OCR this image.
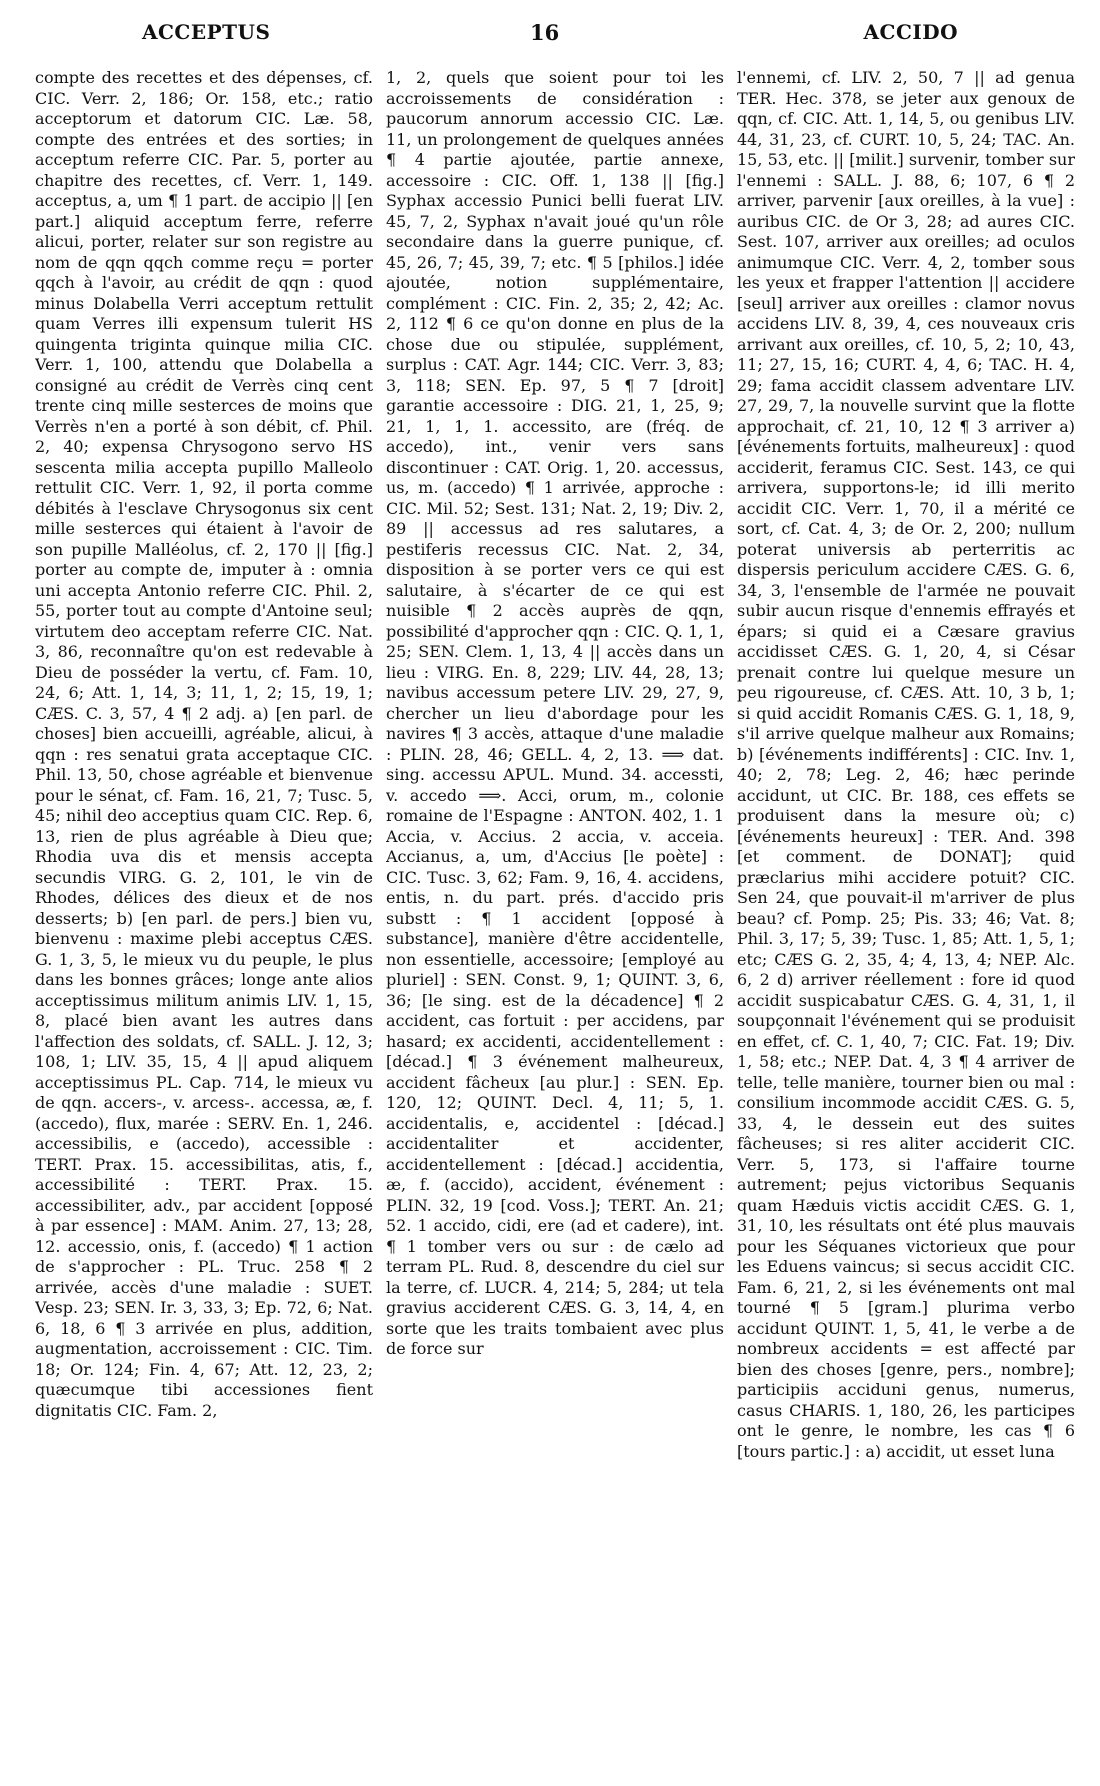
ACCEPTUS	16	ACCIDO

compte des recettes et des dépenses, cf. CIC. Verr. 2, 186; Or. 158, etc.; ratio acceptorum et datorum CIC. Læ. 58, compte des entrées et des sorties; in acceptum referre CIC. Par. 5, porter au chapitre des recettes, cf. Verr. 1, 149. acceptus, a, um ¶ 1 part. de accipio || [en part.] aliquid acceptum ferre, referre alicui, porter, relater sur son registre au nom de qqn qqch comme reçu = porter qqch à l'avoir, au crédit de qqn : quod minus Dolabella Verri acceptum rettulit quam Verres illi expensum tulerit HS quingenta triginta quinque milia CIC. Verr. 1, 100, attendu que Dolabella a consigné au crédit de Verrès cinq cent trente cinq mille sesterces de moins que Verrès n'en a porté à son débit, cf. Phil. 2, 40; expensa Chrysogono servo HS sescenta milia accepta pupillo Malleolo rettulit CIC. Verr. 1, 92, il porta comme débités à l'esclave Chrysogonus six cent mille sesterces qui étaient à l'avoir de son pupille Malléolus, cf. 2, 170 || [fig.] porter au compte de, imputer à : omnia uni accepta Antonio referre CIC. Phil. 2, 55, porter tout au compte d'Antoine seul; virtutem deo acceptam referre CIC. Nat. 3, 86, reconnaître qu'on est redevable à Dieu de posséder la vertu, cf. Fam. 10, 24, 6; Att. 1, 14, 3; 11, 1, 2; 15, 19, 1; CÆS. C. 3, 57, 4 ¶ 2 adj. a) [en parl. de choses] bien accueilli, agréable, alicui, à qqn : res senatui grata acceptaque CIC. Phil. 13, 50, chose agréable et bienvenue pour le sénat, cf. Fam. 16, 21, 7; Tusc. 5, 45; nihil deo acceptius quam CIC. Rep. 6, 13, rien de plus agréable à Dieu que; Rhodia uva dis et mensis accepta secundis VIRG. G. 2, 101, le vin de Rhodes, délices des dieux et de nos desserts; b) [en parl. de pers.] bien vu, bienvenu : maxime plebi acceptus CÆS. G. 1, 3, 5, le mieux vu du peuple, le plus dans les bonnes grâces; longe ante alios acceptissimus militum animis LIV. 1, 15, 8, placé bien avant les autres dans l'affection des soldats, cf. SALL. J. 12, 3; 108, 1; LIV. 35, 15, 4 || apud aliquem acceptissimus PL. Cap. 714, le mieux vu de qqn. accers-, v. arcess-. accessa, æ, f. (accedo), flux, marée : SERV. En. 1, 246. accessibilis, e (accedo), accessible : TERT. Prax. 15. accessibilitas, atis, f., accessibilité : TERT. Prax. 15. accessibiliter, adv., par accident [opposé à par essence] : MAM. Anim. 27, 13; 28, 12. accessio, onis, f. (accedo) ¶ 1 action de s'approcher : PL. Truc. 258 ¶ 2 arrivée, accès d'une maladie : SUET. Vesp. 23; SEN. Ir. 3, 33, 3; Ep. 72, 6; Nat. 6, 18, 6 ¶ 3 arrivée en plus, addition, augmentation, accroissement : CIC. Tim. 18; Or. 124; Fin. 4, 67; Att. 12, 23, 2; quæcumque tibi accessiones fient dignitatis CIC. Fam. 2,

1, 2, quels que soient pour toi les accroissements de considération : paucorum annorum accessio CIC. Læ. 11, un prolongement de quelques années ¶ 4 partie ajoutée, partie annexe, accessoire : CIC. Off. 1, 138 || [fig.] Syphax accessio Punici belli fuerat LIV. 45, 7, 2, Syphax n'avait joué qu'un rôle secondaire dans la guerre punique, cf. 45, 26, 7; 45, 39, 7; etc. ¶ 5 [philos.] idée ajoutée, notion supplémentaire, complément : CIC. Fin. 2, 35; 2, 42; Ac. 2, 112 ¶ 6 ce qu'on donne en plus de la chose due ou stipulée, supplément, surplus : CAT. Agr. 144; CIC. Verr. 3, 83; 3, 118; SEN. Ep. 97, 5 ¶ 7 [droit] garantie accessoire : DIG. 21, 1, 25, 9; 21, 1, 1, 1. accessito, are (fréq. de accedo), int., venir vers sans discontinuer : CAT. Orig. 1, 20. accessus, us, m. (accedo) ¶ 1 arrivée, approche : CIC. Mil. 52; Sest. 131; Nat. 2, 19; Div. 2, 89 || accessus ad res salutares, a pestiferis recessus CIC. Nat. 2, 34, disposition à se porter vers ce qui est salutaire, à s'écarter de ce qui est nuisible ¶ 2 accès auprès de qqn, possibilité d'approcher qqn : CIC. Q. 1, 1, 25; SEN. Clem. 1, 13, 4 || accès dans un lieu : VIRG. En. 8, 229; LIV. 44, 28, 13; navibus accessum petere LIV. 29, 27, 9, chercher un lieu d'abordage pour les navires ¶ 3 accès, attaque d'une maladie : PLIN. 28, 46; GELL. 4, 2, 13. ⟹ dat. sing. accessu APUL. Mund. 34. accessti, v. accedo ⟹. Acci, orum, m., colonie romaine de l'Espagne : ANTON. 402, 1. 1 Accia, v. Accius. 2 accia, v. acceia. Accianus, a, um, d'Accius [le poète] : CIC. Tusc. 3, 62; Fam. 9, 16, 4. accidens, entis, n. du part. prés. d'accido pris substt : ¶ 1 accident [opposé à substance], manière d'être accidentelle, non essentielle, accessoire; [employé au pluriel] : SEN. Const. 9, 1; QUINT. 3, 6, 36; [le sing. est de la décadence] ¶ 2 accident, cas fortuit : per accidens, par hasard; ex accidenti, accidentellement : [décad.] ¶ 3 événement malheureux, accident fâcheux [au plur.] : SEN. Ep. 120, 12; QUINT. Decl. 4, 11; 5, 1. accidentalis, e, accidentel : [décad.] accidentaliter et accidenter, accidentellement : [décad.] accidentia, æ, f. (accido), accident, événement : PLIN. 32, 19 [cod. Voss.]; TERT. An. 21; 52. 1 accido, cidi, ere (ad et cadere), int. ¶ 1 tomber vers ou sur : de cælo ad terram PL. Rud. 8, descendre du ciel sur la terre, cf. LUCR. 4, 214; 5, 284; ut tela gravius acciderent CÆS. G. 3, 14, 4, en sorte que les traits tombaient avec plus de force sur

l'ennemi, cf. LIV. 2, 50, 7 || ad genua TER. Hec. 378, se jeter aux genoux de qqn, cf. CIC. Att. 1, 14, 5, ou genibus LIV. 44, 31, 23, cf. CURT. 10, 5, 24; TAC. An. 15, 53, etc. || [milit.] survenir, tomber sur l'ennemi : SALL. J. 88, 6; 107, 6 ¶ 2 arriver, parvenir [aux oreilles, à la vue] : auribus CIC. de Or 3, 28; ad aures CIC. Sest. 107, arriver aux oreilles; ad oculos animumque CIC. Verr. 4, 2, tomber sous les yeux et frapper l'attention || accidere [seul] arriver aux oreilles : clamor novus accidens LIV. 8, 39, 4, ces nouveaux cris arrivant aux oreilles, cf. 10, 5, 2; 10, 43, 11; 27, 15, 16; CURT. 4, 4, 6; TAC. H. 4, 29; fama accidit classem adventare LIV. 27, 29, 7, la nouvelle survint que la flotte approchait, cf. 21, 10, 12 ¶ 3 arriver a) [événements fortuits, malheureux] : quod acciderit, feramus CIC. Sest. 143, ce qui arrivera, supportons-le; id illi merito accidit CIC. Verr. 1, 70, il a mérité ce sort, cf. Cat. 4, 3; de Or. 2, 200; nullum poterat universis ab perterritis ac dispersis periculum accidere CÆS. G. 6, 34, 3, l'ensemble de l'armée ne pouvait subir aucun risque d'ennemis effrayés et épars; si quid ei a Cæsare gravius accidisset CÆS. G. 1, 20, 4, si César prenait contre lui quelque mesure un peu rigoureuse, cf. CÆS. Att. 10, 3 b, 1; si quid accidit Romanis CÆS. G. 1, 18, 9, s'il arrive quelque malheur aux Romains; b) [événements indifférents] : CIC. Inv. 1, 40; 2, 78; Leg. 2, 46; hæc perinde accidunt, ut CIC. Br. 188, ces effets se produisent dans la mesure où; c) [événements heureux] : TER. And. 398 [et comment. de DONAT]; quid præclarius mihi accidere potuit? CIC. Sen 24, que pouvait-il m'arriver de plus beau? cf. Pomp. 25; Pis. 33; 46; Vat. 8; Phil. 3, 17; 5, 39; Tusc. 1, 85; Att. 1, 5, 1; etc; CÆS G. 2, 35, 4; 4, 13, 4; NEP. Alc. 6, 2 d) arriver réellement : fore id quod accidit suspicabatur CÆS. G. 4, 31, 1, il soupçonnait l'événement qui se produisit en effet, cf. C. 1, 40, 7; CIC. Fat. 19; Div. 1, 58; etc.; NEP. Dat. 4, 3 ¶ 4 arriver de telle, telle manière, tourner bien ou mal : consilium incommode accidit CÆS. G. 5, 33, 4, le dessein eut des suites fâcheuses; si res aliter acciderit CIC. Verr. 5, 173, si l'affaire tourne autrement; pejus victoribus Sequanis quam Hæduis victis accidit CÆS. G. 1, 31, 10, les résultats ont été plus mauvais pour les Séquanes victorieux que pour les Eduens vaincus; si secus accidit CIC. Fam. 6, 21, 2, si les événements ont mal tourné ¶ 5 [gram.] plurima verbo accidunt QUINT. 1, 5, 41, le verbe a de nombreux accidents = est affecté par bien des choses [genre, pers., nombre]; participiis acciduni genus, numerus, casus CHARIS. 1, 180, 26, les participes ont le genre, le nombre, les cas ¶ 6 [tours partic.] : a) accidit, ut esset luna
